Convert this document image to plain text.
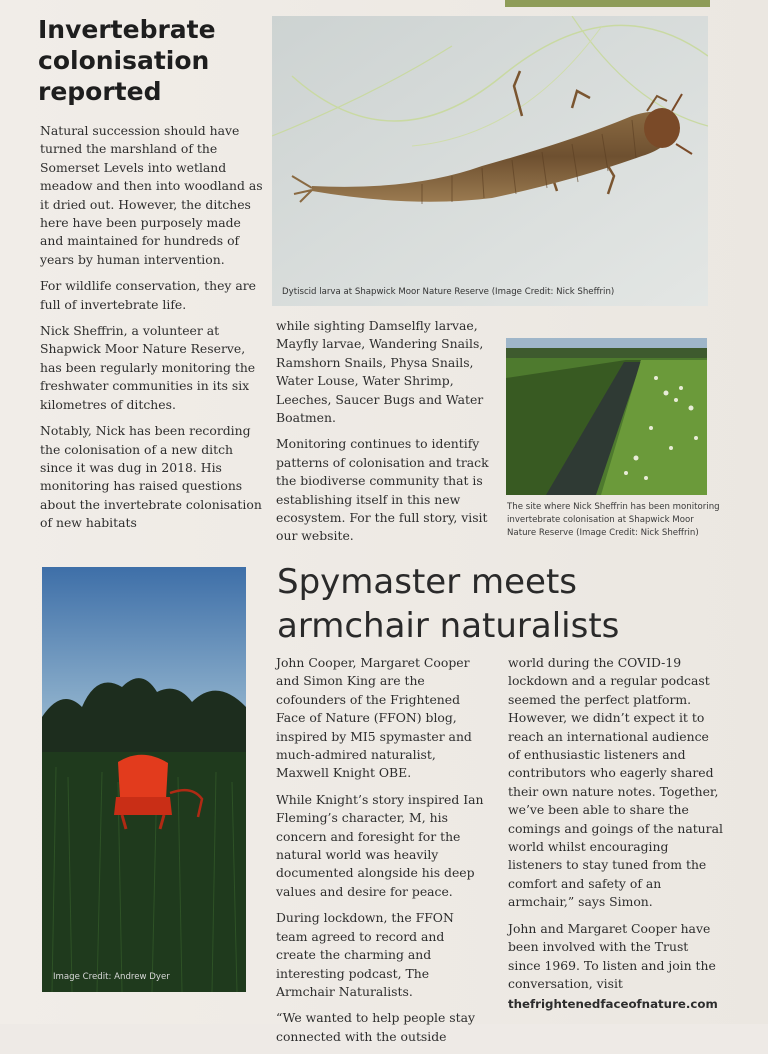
Invertebrate colonisation reported
Dytiscid larva at Shapwick Moor Nature Reserve (Image Credit: Nick Sheffrin)

Natural succession should have turned the marshland of the Somerset Levels into wetland meadow and then into woodland as it dried out. However, the ditches here have been purposely made and maintained for hundreds of years by human intervention.

For wildlife conservation, they are full of invertebrate life.

Nick Sheffrin, a volunteer at Shapwick Moor Nature Reserve, has been regularly monitoring the freshwater communities in its six kilometres of ditches.

Notably, Nick has been recording the colonisation of a new ditch since it was dug in 2018. His monitoring has raised questions about the invertebrate colonisation of new habitats

while sighting Damselfly larvae, Mayfly larvae, Wandering Snails, Ramshorn Snails, Physa Snails, Water Louse, Water Shrimp, Leeches, Saucer Bugs and Water Boatmen.

Monitoring continues to identify patterns of colonisation and track the biodiverse community that is establishing itself in this new ecosystem. For the full story, visit our website.

The site where Nick Sheffrin has been monitoring invertebrate colonisation at Shapwick Moor Nature Reserve (Image Credit: Nick Sheffrin)
Image Credit: Andrew Dyer
Spymaster meets armchair naturalists

John Cooper, Margaret Cooper and Simon King are the cofounders of the Frightened Face of Nature (FFON) blog, inspired by MI5 spymaster and much-admired naturalist, Maxwell Knight OBE.

While Knight’s story inspired Ian Fleming’s character, M, his concern and foresight for the natural world was heavily documented alongside his deep values and desire for peace.

During lockdown, the FFON team agreed to record and create the charming and interesting podcast, The Armchair Naturalists.

“We wanted to help people stay connected with the outside

world during the COVID-19 lockdown and a regular podcast seemed the perfect platform. However, we didn’t expect it to reach an international audience of enthusiastic listeners and contributors who eagerly shared their own nature notes. Together, we’ve been able to share the comings and goings of the natural world whilst encouraging listeners to stay tuned from the comfort and safety of an armchair,” says Simon.

John and Margaret Cooper have been involved with the Trust since 1969. To listen and join the conversation, visit

thefrightenedfaceofnature.com
